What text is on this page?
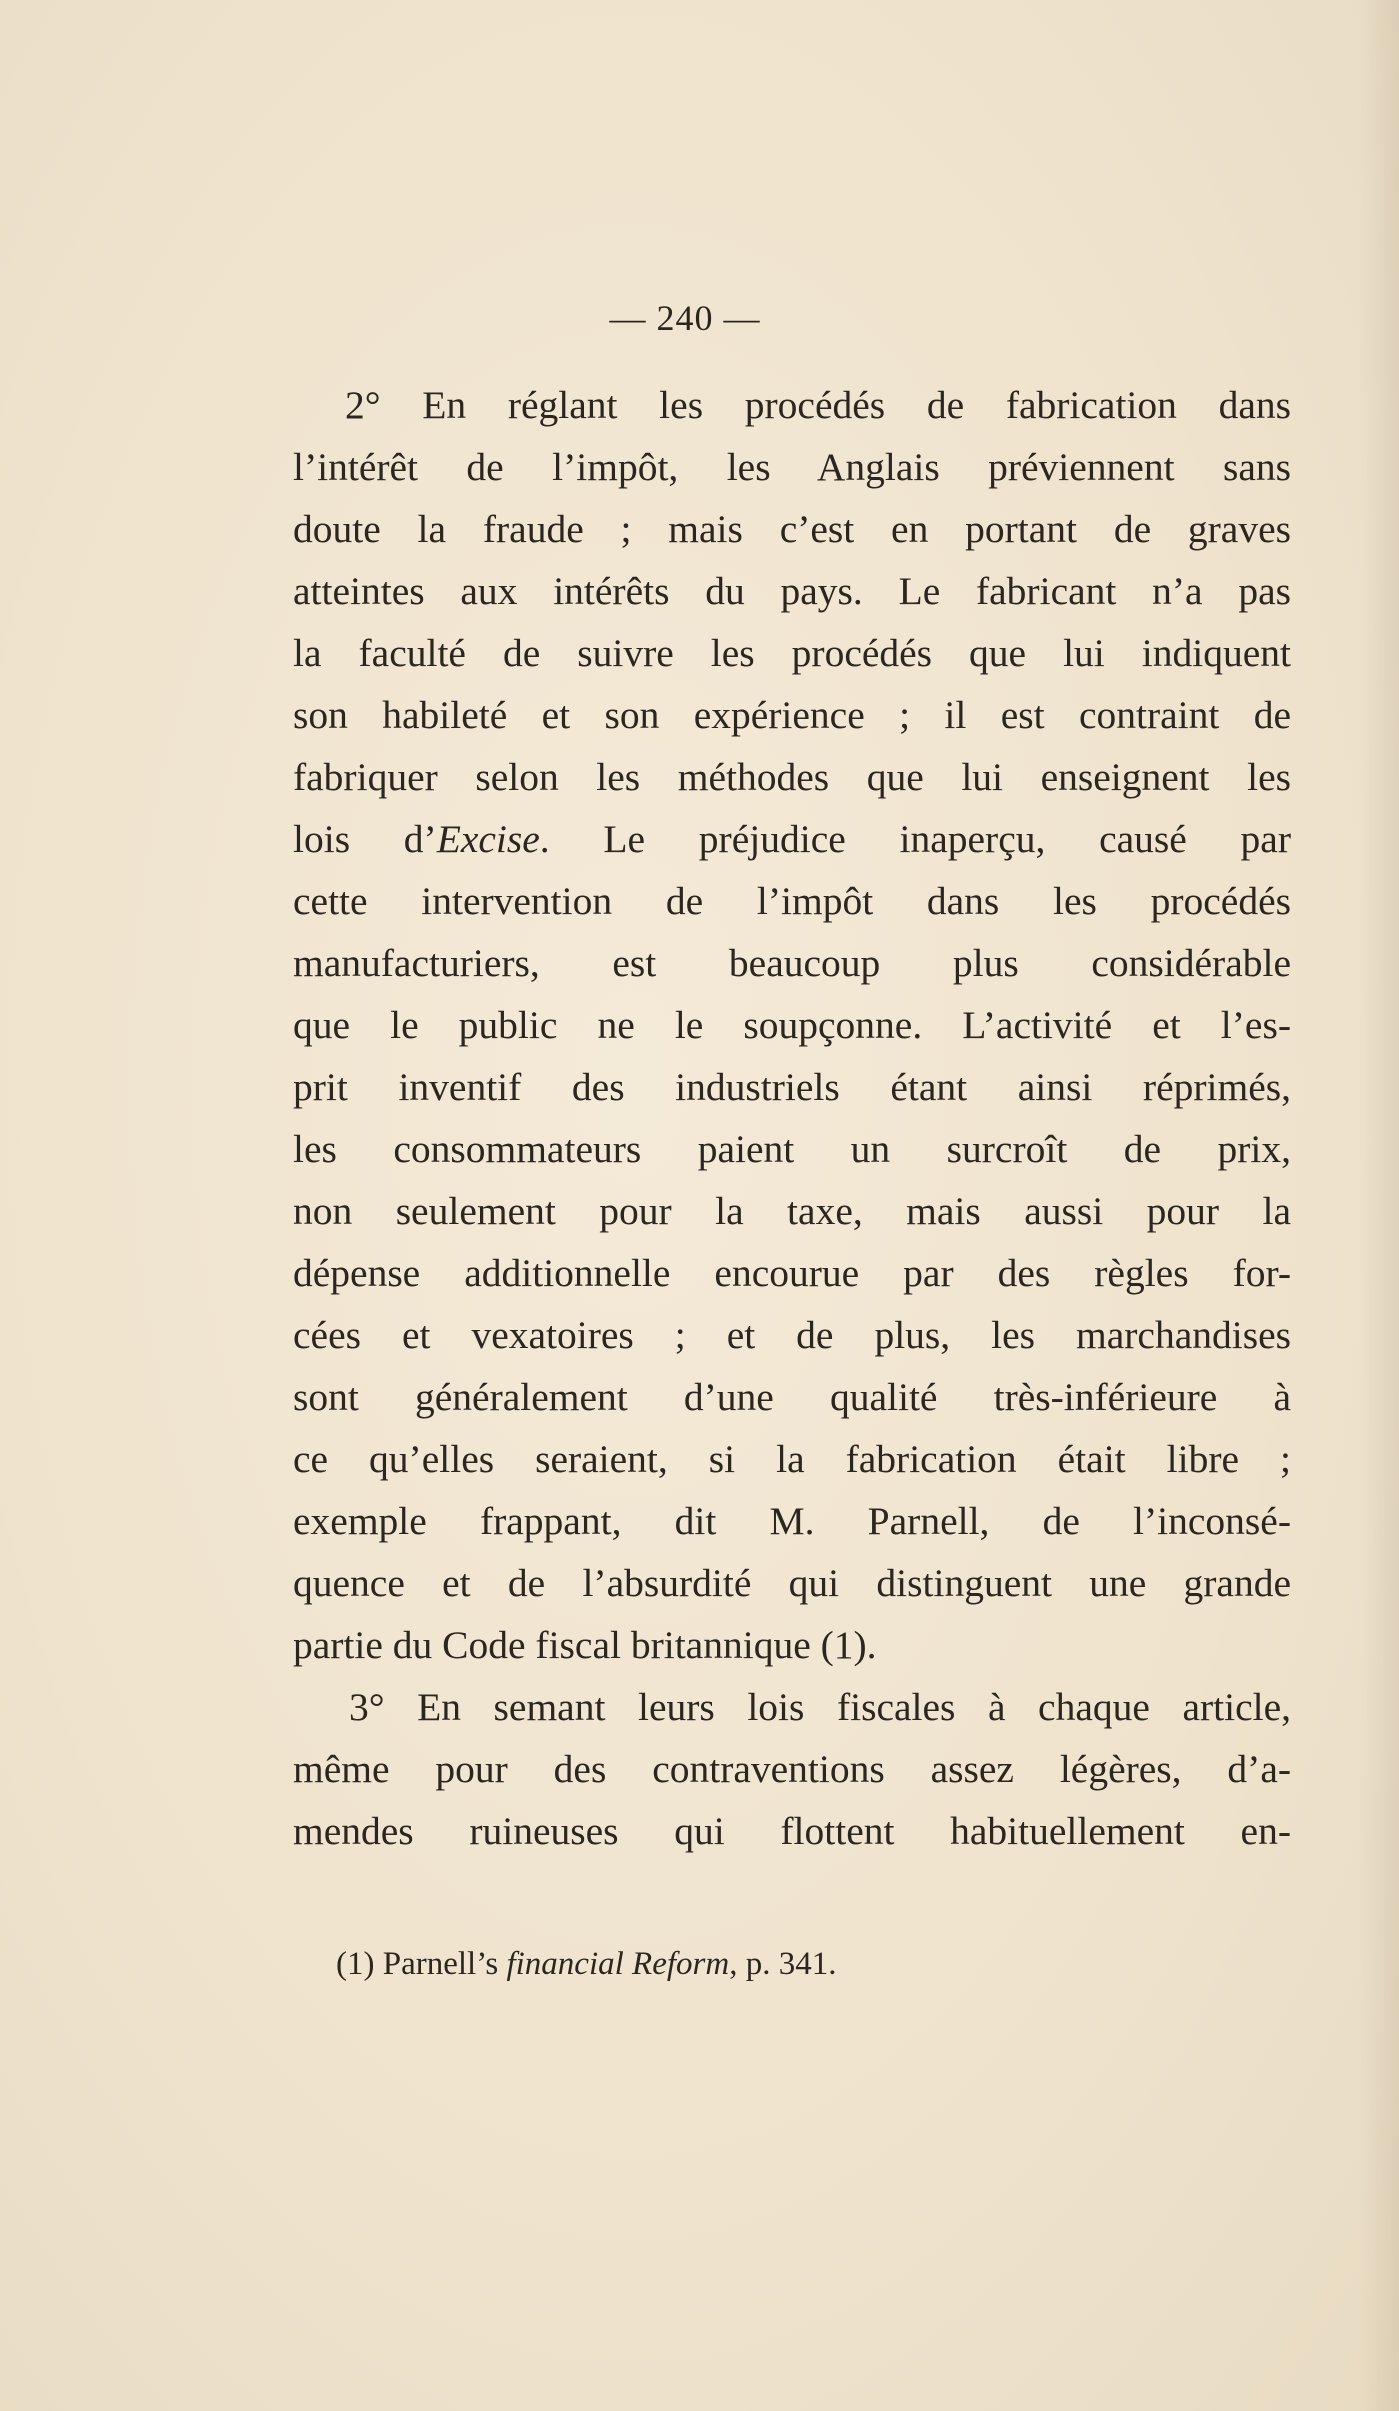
— 240 —
2° En réglant les procédés de fabrication dans
l’intérêt de l’impôt, les Anglais préviennent sans
doute la fraude ; mais c’est en portant de graves
atteintes aux intérêts du pays. Le fabricant n’a pas
la faculté de suivre les procédés que lui indiquent
son habileté et son expérience ; il est contraint de
fabriquer selon les méthodes que lui enseignent les
lois d’Excise. Le préjudice inaperçu, causé par
cette intervention de l’impôt dans les procédés
manufacturiers, est beaucoup plus considérable
que le public ne le soupçonne. L’activité et l’es-
prit inventif des industriels étant ainsi réprimés,
les consommateurs paient un surcroît de prix,
non seulement pour la taxe, mais aussi pour la
dépense additionnelle encourue par des règles for-
cées et vexatoires ; et de plus, les marchandises
sont généralement d’une qualité très-inférieure à
ce qu’elles seraient, si la fabrication était libre ;
exemple frappant, dit M. Parnell, de l’inconsé-
quence et de l’absurdité qui distinguent une grande
partie du Code fiscal britannique (1).
3° En semant leurs lois fiscales à chaque article,
même pour des contraventions assez légères, d’a-
mendes ruineuses qui flottent habituellement en-
(1) Parnell’s financial Reform, p. 341.
